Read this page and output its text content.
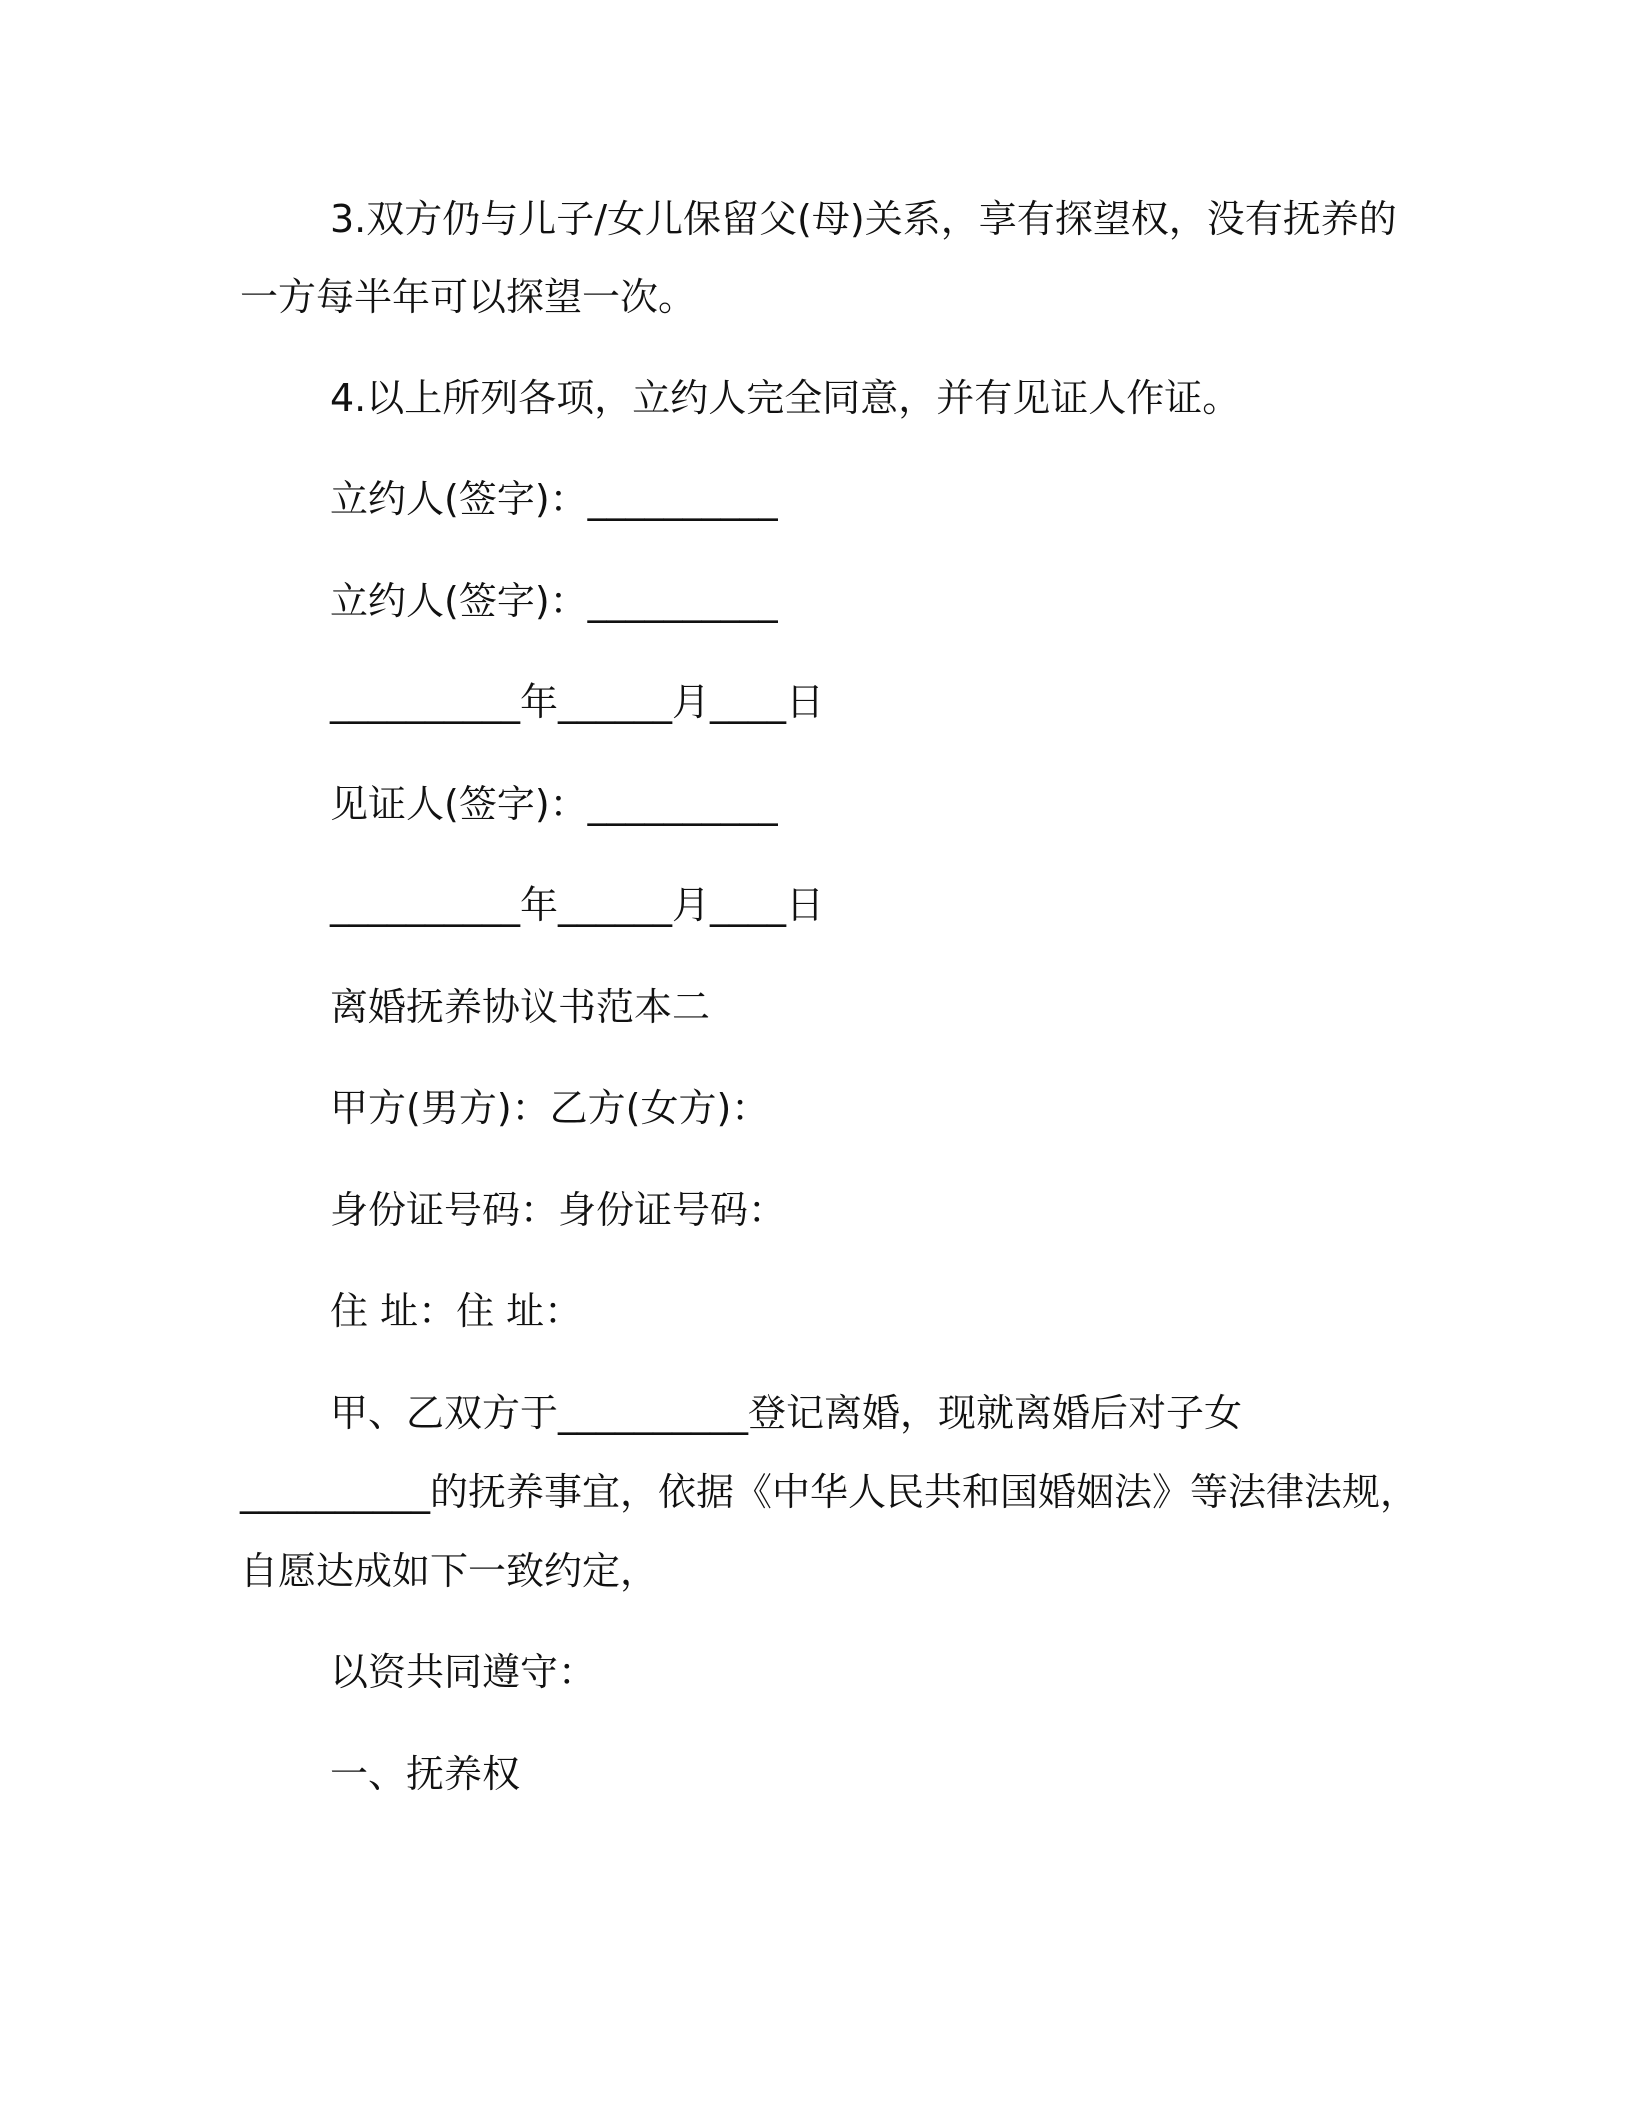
3.双方仍与儿子/女儿保留父(母)关系，享有探望权，没有抚养的

一方每半年可以探望一次。

4.以上所列各项，立约人完全同意，并有见证人作证。

立约人(签字)：__________

立约人(签字)：__________

__________年______月____日

见证人(签字)：__________

__________年______月____日

离婚抚养协议书范本二

甲方(男方)：乙方(女方)：

身份证号码：身份证号码：

住 址：住 址：

甲、乙双方于__________登记离婚，现就离婚后对子女

__________的抚养事宜，依据《中华人民共和国婚姻法》等法律法规，

自愿达成如下一致约定，

以资共同遵守：

一、抚养权
